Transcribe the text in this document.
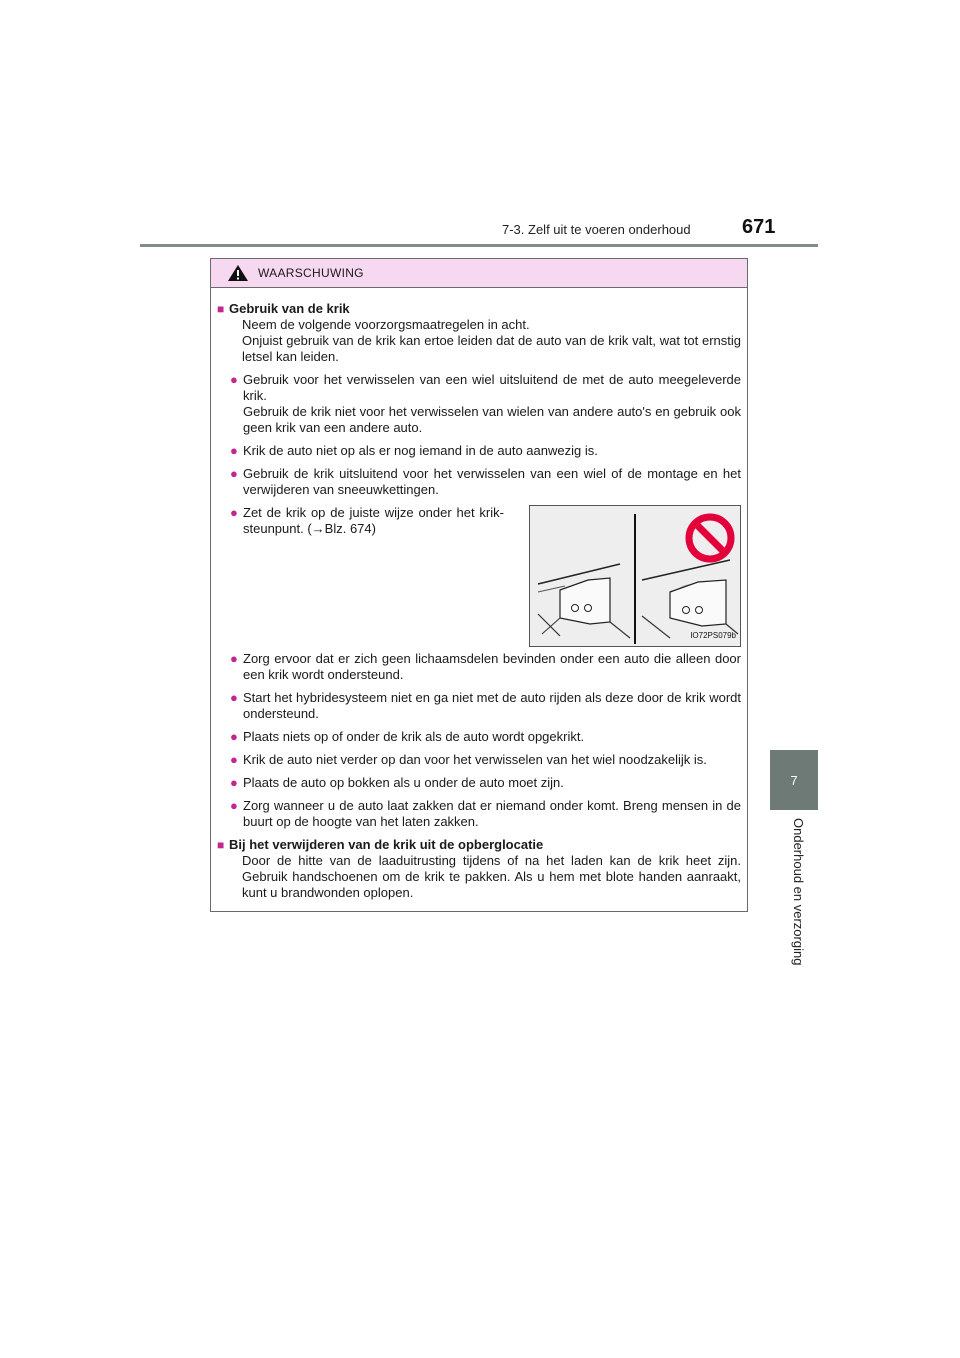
7-3. Zelf uit te voeren onderhoud	671
7
Onderhoud en verzorging
WAARSCHUWING
■ Gebruik van de krik
Neem de volgende voorzorgsmaatregelen in acht.
Onjuist gebruik van de krik kan ertoe leiden dat de auto van de krik valt, wat tot ernstig letsel kan leiden.
● Gebruik voor het verwisselen van een wiel uitsluitend de met de auto meegeleverde krik.
Gebruik de krik niet voor het verwisselen van wielen van andere auto's en gebruik ook geen krik van een andere auto.
● Krik de auto niet op als er nog iemand in de auto aanwezig is.
● Gebruik de krik uitsluitend voor het verwisselen van een wiel of de montage en het verwijderen van sneeuwkettingen.
● Zet de krik op de juiste wijze onder het kriksteunpunt. (→Blz. 674)
IO72PS079b
● Zorg ervoor dat er zich geen lichaamsdelen bevinden onder een auto die alleen door een krik wordt ondersteund.
● Start het hybridesysteem niet en ga niet met de auto rijden als deze door de krik wordt ondersteund.
● Plaats niets op of onder de krik als de auto wordt opgekrikt.
● Krik de auto niet verder op dan voor het verwisselen van het wiel noodzakelijk is.
● Plaats de auto op bokken als u onder de auto moet zijn.
● Zorg wanneer u de auto laat zakken dat er niemand onder komt. Breng mensen in de buurt op de hoogte van het laten zakken.
■ Bij het verwijderen van de krik uit de opberglocatie
Door de hitte van de laaduitrusting tijdens of na het laden kan de krik heet zijn. Gebruik handschoenen om de krik te pakken. Als u hem met blote handen aanraakt, kunt u brandwonden oplopen.
